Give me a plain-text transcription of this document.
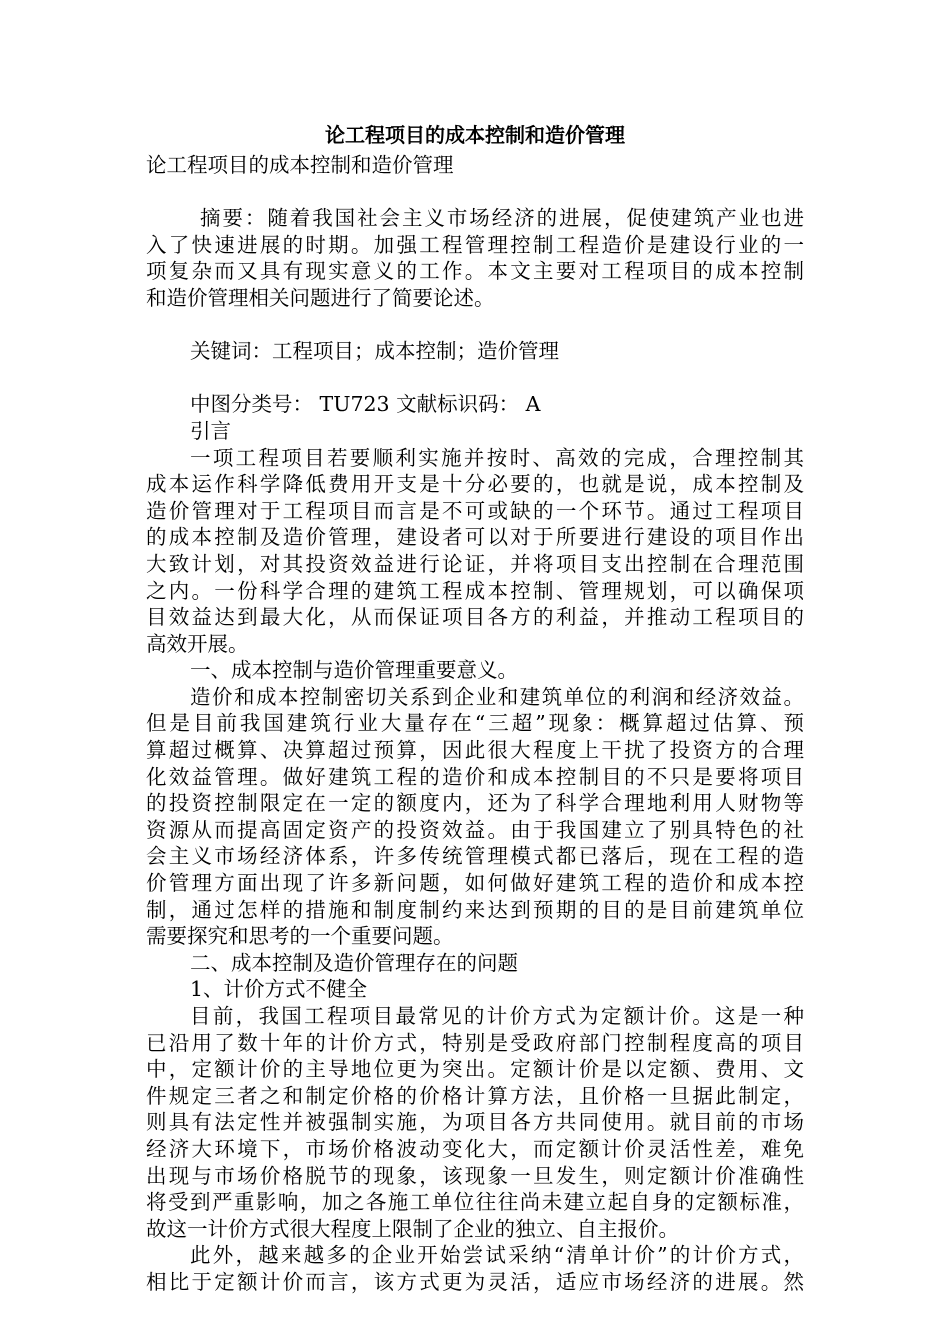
论工程项目的成本控制和造价管理
论工程项目的成本控制和造价管理
摘要：随着我国社会主义市场经济的进展，促使建筑产业也进
入了快速进展的时期。加强工程管理控制工程造价是建设行业的一
项复杂而又具有现实意义的工作。本文主要对工程项目的成本控制
和造价管理相关问题进行了简要论述。
关键词：工程项目；成本控制；造价管理
中图分类号： TU723 文献标识码： A
引言
一项工程项目若要顺利实施并按时、高效的完成，合理控制其
成本运作科学降低费用开支是十分必要的，也就是说，成本控制及
造价管理对于工程项目而言是不可或缺的一个环节。通过工程项目
的成本控制及造价管理，建设者可以对于所要进行建设的项目作出
大致计划，对其投资效益进行论证，并将项目支出控制在合理范围
之内。一份科学合理的建筑工程成本控制、管理规划，可以确保项
目效益达到最大化，从而保证项目各方的利益，并推动工程项目的
高效开展。
一、成本控制与造价管理重要意义。
造价和成本控制密切关系到企业和建筑单位的利润和经济效益。
但是目前我国建筑行业大量存在“三超”现象：概算超过估算、预
算超过概算、决算超过预算，因此很大程度上干扰了投资方的合理
化效益管理。做好建筑工程的造价和成本控制目的不只是要将项目
的投资控制限定在一定的额度内，还为了科学合理地利用人财物等
资源从而提高固定资产的投资效益。由于我国建立了别具特色的社
会主义市场经济体系，许多传统管理模式都已落后，现在工程的造
价管理方面出现了许多新问题，如何做好建筑工程的造价和成本控
制，通过怎样的措施和制度制约来达到预期的目的是目前建筑单位
需要探究和思考的一个重要问题。
二、成本控制及造价管理存在的问题
1、计价方式不健全
目前，我国工程项目最常见的计价方式为定额计价。这是一种
已沿用了数十年的计价方式，特别是受政府部门控制程度高的项目
中，定额计价的主导地位更为突出。定额计价是以定额、费用、文
件规定三者之和制定价格的价格计算方法，且价格一旦据此制定，
则具有法定性并被强制实施，为项目各方共同使用。就目前的市场
经济大环境下，市场价格波动变化大，而定额计价灵活性差，难免
出现与市场价格脱节的现象，该现象一旦发生，则定额计价准确性
将受到严重影响，加之各施工单位往往尚未建立起自身的定额标准，
故这一计价方式很大程度上限制了企业的独立、自主报价。
此外，越来越多的企业开始尝试采纳“清单计价”的计价方式，
相比于定额计价而言，该方式更为灵活，适应市场经济的进展。然
